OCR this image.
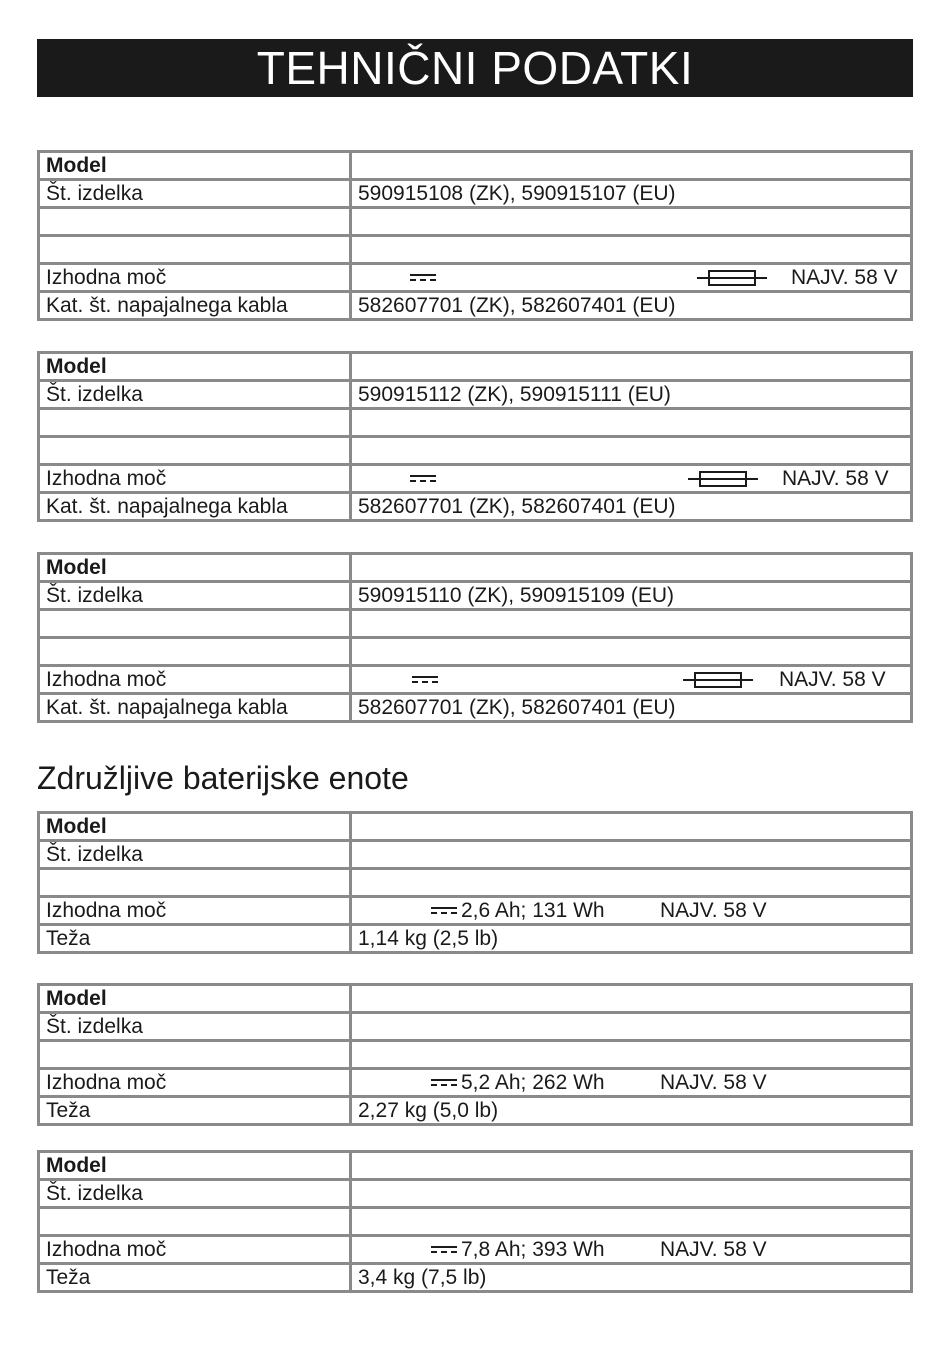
TEHNIČNI PODATKI
Model	
Št. izdelka	590915108 (ZK), 590915107 (EU)

Izhodna moč	NAJV. 58 V

Kat. št. napajalnega kabla	582607701 (ZK), 582607401 (EU)
Model	
Št. izdelka	590915112 (ZK), 590915111 (EU)

Izhodna moč	NAJV. 58 V

Kat. št. napajalnega kabla	582607701 (ZK), 582607401 (EU)
Model	
Št. izdelka	590915110 (ZK), 590915109 (EU)

Izhodna moč	NAJV. 58 V

Kat. št. napajalnega kabla	582607701 (ZK), 582607401 (EU)
Združljive baterijske enote
Model	
Št. izdelka	

Izhodna moč	2,6 Ah; 131 Wh NAJV. 58 V

Teža	1,14 kg (2,5 lb)
Model	
Št. izdelka	

Izhodna moč	5,2 Ah; 262 Wh NAJV. 58 V

Teža	2,27 kg (5,0 lb)
Model	
Št. izdelka	

Izhodna moč	7,8 Ah; 393 Wh NAJV. 58 V

Teža	3,4 kg (7,5 lb)
